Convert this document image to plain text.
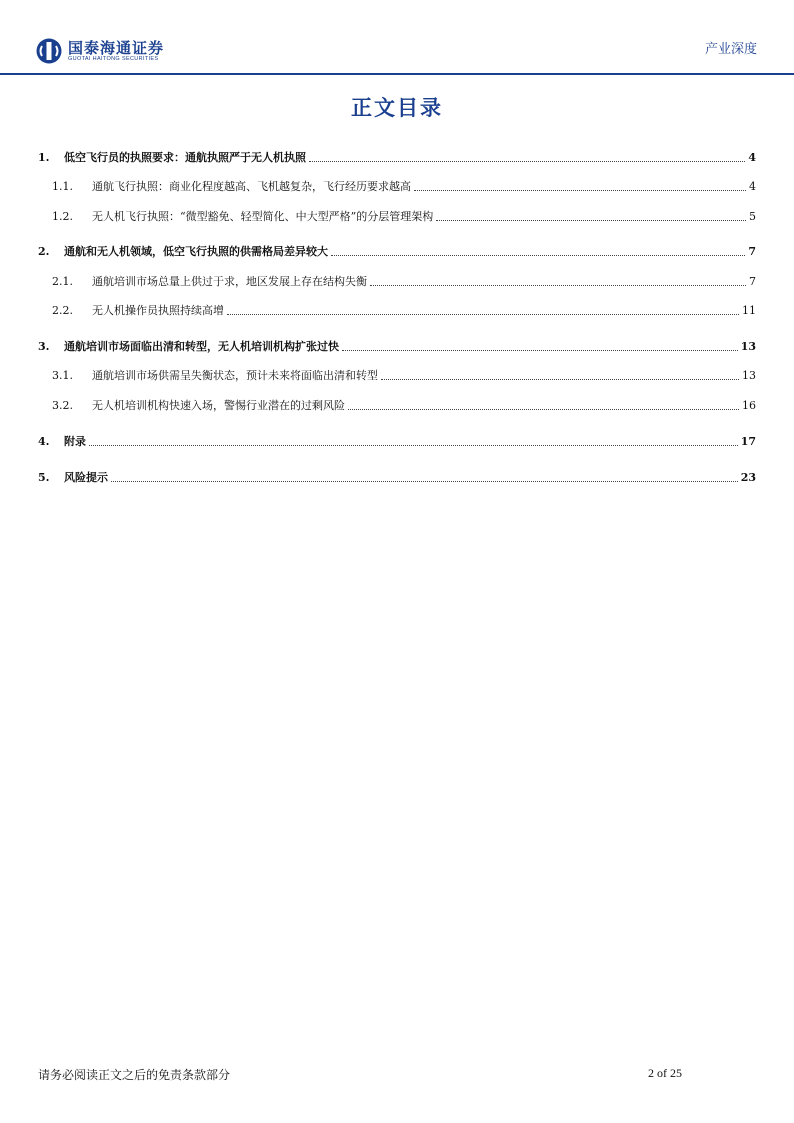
国泰海通证券
GUOTAI HAITONG SECURITIES
产业深度
正文目录
1.	低空飞行员的执照要求：通航执照严于无人机执照	4
1.1.	通航飞行执照：商业化程度越高、飞机越复杂，飞行经历要求越高	4
1.2.	无人机飞行执照：“微型豁免、轻型简化、中大型严格”的分层管理架构	5
2.	通航和无人机领域，低空飞行执照的供需格局差异较大	7
2.1.	通航培训市场总量上供过于求，地区发展上存在结构失衡	7
2.2.	无人机操作员执照持续高增	11
3.	通航培训市场面临出清和转型，无人机培训机构扩张过快	13
3.1.	通航培训市场供需呈失衡状态，预计未来将面临出清和转型	13
3.2.	无人机培训机构快速入场，警惕行业潜在的过剩风险	16
4.	附录	17
5.	风险提示	23
请务必阅读正文之后的免责条款部分	2 of 25
